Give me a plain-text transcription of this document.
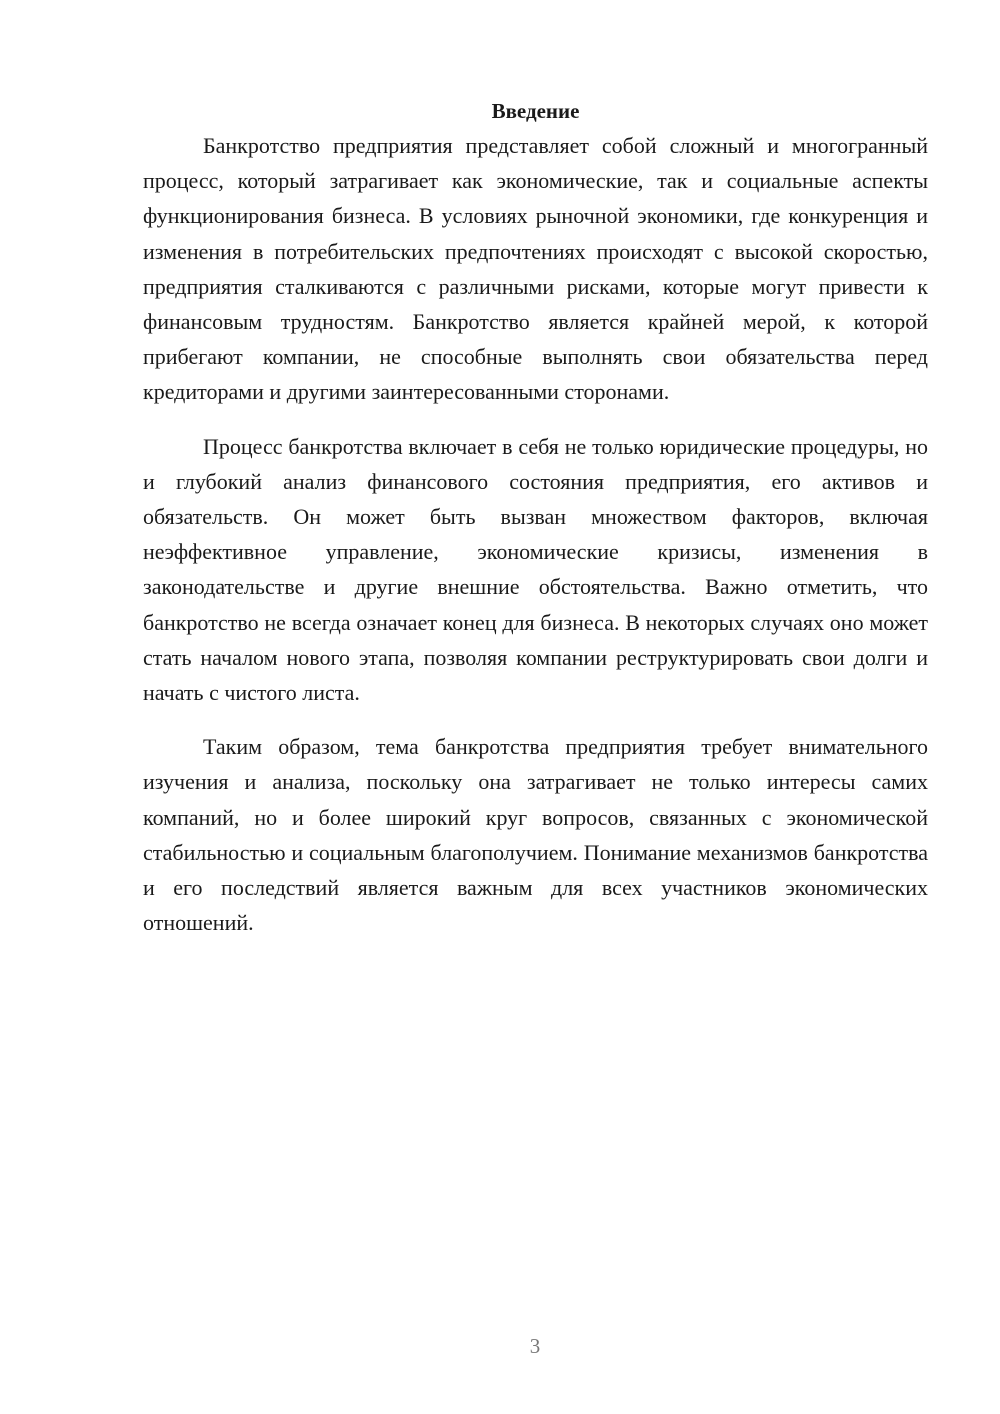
Введение

Банкротство предприятия представляет собой сложный и многогранный процесс, который затрагивает как экономические, так и социальные аспекты функционирования бизнеса. В условиях рыночной экономики, где конкуренция и изменения в потребительских предпочтениях происходят с высокой скоростью, предприятия сталкиваются с различными рисками, которые могут привести к финансовым трудностям. Банкротство является крайней мерой, к которой прибегают компании, не способные выполнять свои обязательства перед кредиторами и другими заинтересованными сторонами.

Процесс банкротства включает в себя не только юридические процедуры, но и глубокий анализ финансового состояния предприятия, его активов и обязательств. Он может быть вызван множеством факторов, включая неэффективное управление, экономические кризисы, изменения в законодательстве и другие внешние обстоятельства. Важно отметить, что банкротство не всегда означает конец для бизнеса. В некоторых случаях оно может стать началом нового этапа, позволяя компании реструктурировать свои долги и начать с чистого листа.

Таким образом, тема банкротства предприятия требует внимательного изучения и анализа, поскольку она затрагивает не только интересы самих компаний, но и более широкий круг вопросов, связанных с экономической стабильностью и социальным благополучием. Понимание механизмов банкротства и его последствий является важным для всех участников экономических отношений.

3
